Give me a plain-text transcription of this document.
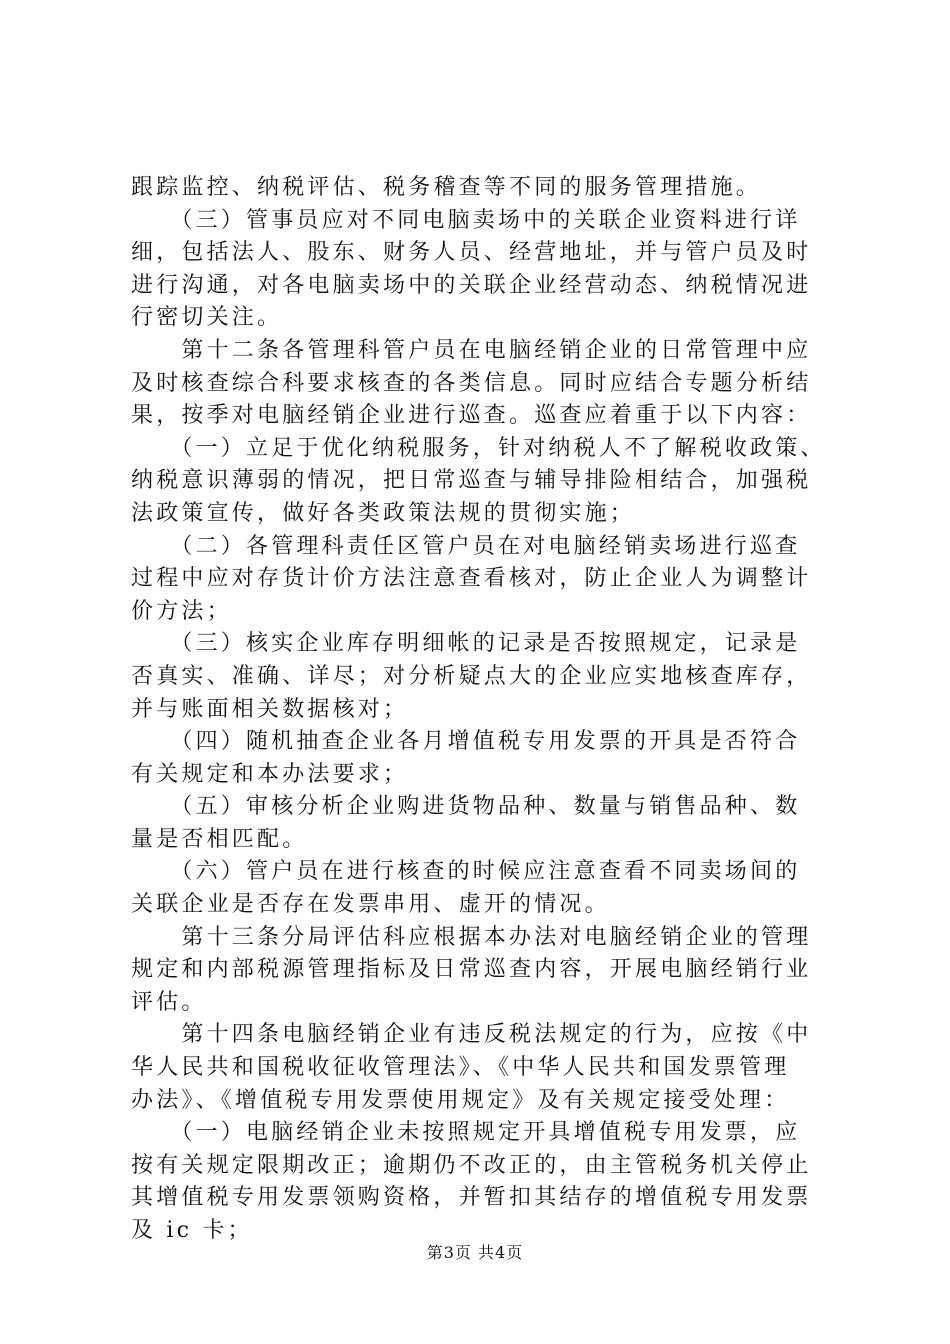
跟踪监控、纳税评估、税务稽查等不同的服务管理措施。
　　（三）管事员应对不同电脑卖场中的关联企业资料进行详
细，包括法人、股东、财务人员、经营地址，并与管户员及时
进行沟通，对各电脑卖场中的关联企业经营动态、纳税情况进
行密切关注。
　　第十二条各管理科管户员在电脑经销企业的日常管理中应
及时核查综合科要求核查的各类信息。同时应结合专题分析结
果，按季对电脑经销企业进行巡查。巡查应着重于以下内容：
　　（一）立足于优化纳税服务，针对纳税人不了解税收政策、
纳税意识薄弱的情况，把日常巡查与辅导排险相结合，加强税
法政策宣传，做好各类政策法规的贯彻实施；
　　（二）各管理科责任区管户员在对电脑经销卖场进行巡查
过程中应对存货计价方法注意查看核对，防止企业人为调整计
价方法；
　　（三）核实企业库存明细帐的记录是否按照规定，记录是
否真实、准确、详尽；对分析疑点大的企业应实地核查库存，
并与账面相关数据核对；
　　（四）随机抽查企业各月增值税专用发票的开具是否符合
有关规定和本办法要求；
　　（五）审核分析企业购进货物品种、数量与销售品种、数
量是否相匹配。
　　（六）管户员在进行核查的时候应注意查看不同卖场间的
关联企业是否存在发票串用、虚开的情况。
　　第十三条分局评估科应根据本办法对电脑经销企业的管理
规定和内部税源管理指标及日常巡查内容，开展电脑经销行业
评估。
　　第十四条电脑经销企业有违反税法规定的行为，应按《中
华人民共和国税收征收管理法》、《中华人民共和国发票管理
办法》、《增值税专用发票使用规定》及有关规定接受处理：
　　（一）电脑经销企业未按照规定开具增值税专用发票，应
按有关规定限期改正；逾期仍不改正的，由主管税务机关停止
其增值税专用发票领购资格，并暂扣其结存的增值税专用发票
及 ic 卡；
第3页 共4页
